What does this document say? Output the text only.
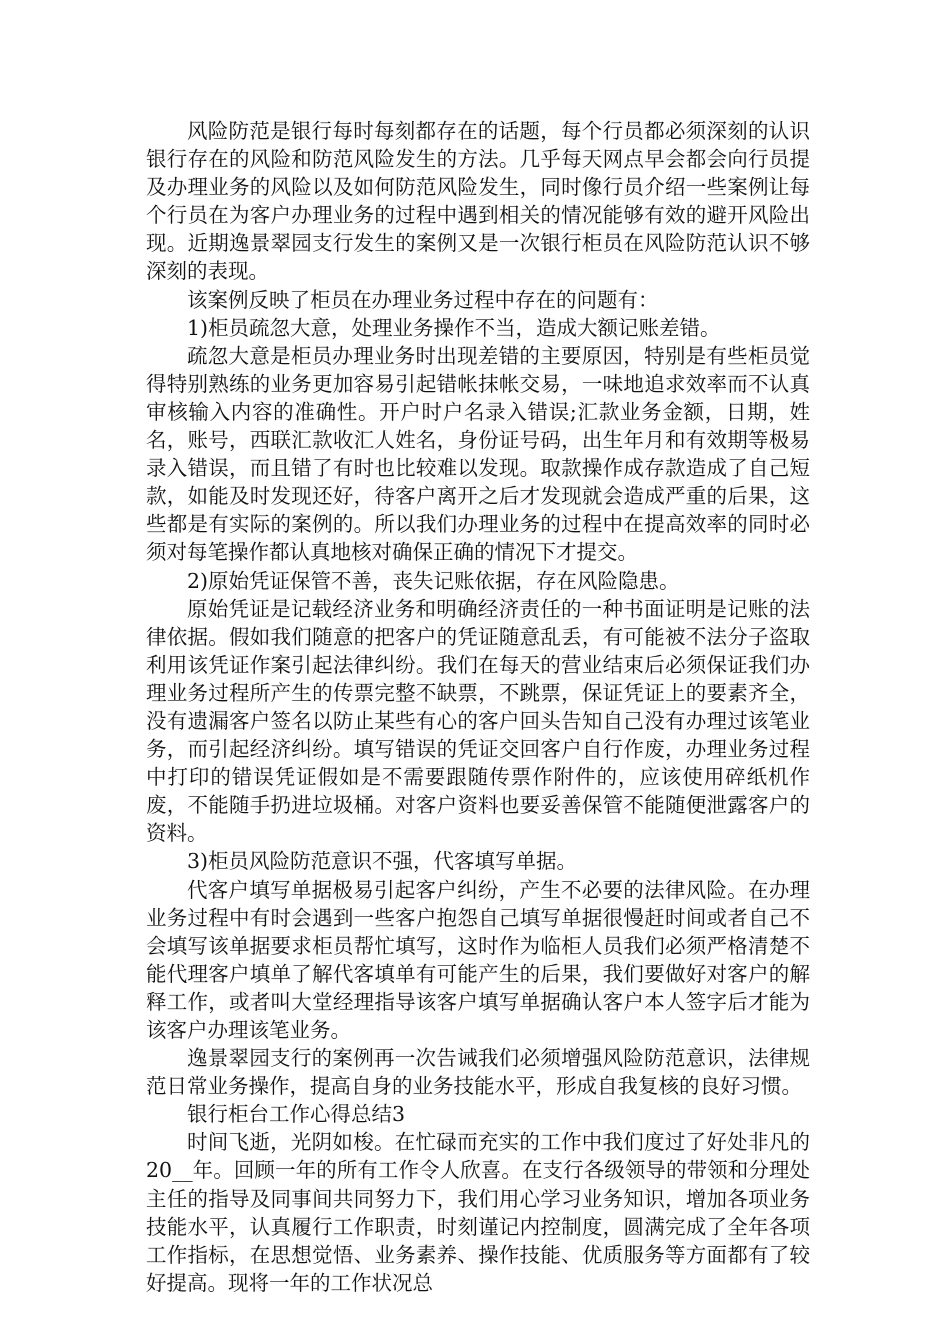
风险防范是银行每时每刻都存在的话题，每个行员都必须深刻的认识银行存在的风险和防范风险发生的方法。几乎每天网点早会都会向行员提及办理业务的风险以及如何防范风险发生，同时像行员介绍一些案例让每个行员在为客户办理业务的过程中遇到相关的情况能够有效的避开风险出现。近期逸景翠园支行发生的案例又是一次银行柜员在风险防范认识不够深刻的表现。

该案例反映了柜员在办理业务过程中存在的问题有：

1)柜员疏忽大意，处理业务操作不当，造成大额记账差错。

疏忽大意是柜员办理业务时出现差错的主要原因，特别是有些柜员觉得特别熟练的业务更加容易引起错帐抹帐交易，一味地追求效率而不认真审核输入内容的准确性。开户时户名录入错误;汇款业务金额，日期，姓名，账号，西联汇款收汇人姓名，身份证号码，出生年月和有效期等极易录入错误，而且错了有时也比较难以发现。取款操作成存款造成了自己短款，如能及时发现还好，待客户离开之后才发现就会造成严重的后果，这些都是有实际的案例的。所以我们办理业务的过程中在提高效率的同时必须对每笔操作都认真地核对确保正确的情况下才提交。

2)原始凭证保管不善，丧失记账依据，存在风险隐患。

原始凭证是记载经济业务和明确经济责任的一种书面证明是记账的法律依据。假如我们随意的把客户的凭证随意乱丢，有可能被不法分子盗取利用该凭证作案引起法律纠纷。我们在每天的营业结束后必须保证我们办理业务过程所产生的传票完整不缺票，不跳票，保证凭证上的要素齐全，没有遗漏客户签名以防止某些有心的客户回头告知自己没有办理过该笔业务，而引起经济纠纷。填写错误的凭证交回客户自行作废，办理业务过程中打印的错误凭证假如是不需要跟随传票作附件的，应该使用碎纸机作废，不能随手扔进垃圾桶。对客户资料也要妥善保管不能随便泄露客户的资料。

3)柜员风险防范意识不强，代客填写单据。

代客户填写单据极易引起客户纠纷，产生不必要的法律风险。在办理业务过程中有时会遇到一些客户抱怨自己填写单据很慢赶时间或者自己不会填写该单据要求柜员帮忙填写，这时作为临柜人员我们必须严格清楚不能代理客户填单了解代客填单有可能产生的后果，我们要做好对客户的解释工作，或者叫大堂经理指导该客户填写单据确认客户本人签字后才能为该客户办理该笔业务。

逸景翠园支行的案例再一次告诫我们必须增强风险防范意识，法律规范日常业务操作，提高自身的业务技能水平，形成自我复核的良好习惯。

银行柜台工作心得总结3

时间飞逝，光阴如梭。在忙碌而充实的工作中我们度过了好处非凡的20__年。回顾一年的所有工作令人欣喜。在支行各级领导的带领和分理处主任的指导及同事间共同努力下，我们用心学习业务知识，增加各项业务技能水平，认真履行工作职责，时刻谨记内控制度，圆满完成了全年各项工作指标，在思想觉悟、业务素养、操作技能、优质服务等方面都有了较好提高。现将一年的工作状况总
